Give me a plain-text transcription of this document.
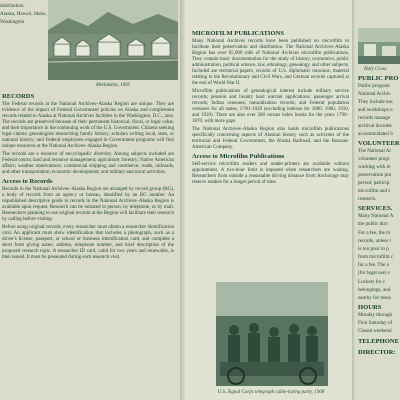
distribution.

Alaska, Hawaii, Idaho,

Washington

Metlakatla, 1895
RECORDS

The Federal records at the National Archives–Alaska Region are unique. They are evidence of the impact of Federal Government policies on Alaska and complement records related to Alaska at National Archives facilities in the Washington, D.C., area. The records are preserved because of their permanent historical, fiscal, or legal value, and their importance in the continuing work of the U.S. Government. Citizens seeking legal claims; genealogists researching family history; scholars writing local, state, or national history; and Federal employees engaged in Government programs will find unique resources at the National Archives–Alaska Region.

The records are a resource of encyclopedic diversity. Among subjects included are Federal courts; land and resource management; agriculture; forestry; Native American affairs; weather observations; commercial shipping and commerce; roads, railroads, and other transportation; economic development; and military and naval activities.

Access to Records

Records in the National Archives–Alaska Region are arranged by record group (RG), a body of records from an agency or bureau, identified by an RG number. An unpublished descriptive guide to records in the National Archives–Alaska Region is available upon request. Research can be initiated in person, by telephone, or by mail. Researchers planning to use original records at the Region will facilitate their research by calling before visiting.

Before using original records, every researcher must obtain a researcher identification card. An applicant must show identification that includes a photograph, such as a driver's license, passport, or school or business identification card, and complete a short form giving name, address, telephone number, and brief description of the proposed research topic. A researcher ID card, valid for two years and renewable, is then issued. It must be presented during each research visit.

MICROFILM PUBLICATIONS

Many National Archives records have been published on microfilm to facilitate their preservation and distribution. The National Archives–Alaska Region has over 65,000 rolls of National Archives microfilm publications. They contain basic documentation for the study of history, economics, public administration, political science, law, ethnology, genealogy, and other subjects. Included are territorial papers, records of U.S. diplomatic missions, material relating to the Revolutionary and Civil Wars, and German records captured at the end of World War II.

Microfilm publications of genealogical interest include military service records; pension and bounty land warrant applications; passenger arrival records; Indian censuses; naturalization records; and Federal population censuses for all states, 1790–1920 (excluding indexes for 1880, 1900, 1910, and 1920). There are also over 300 census index books for the years 1790–1870, with more gaps.

The National Archives–Alaska Region also holds microfilm publications specifically concerning aspects of Alaskan history such as activities of the territorial and Federal Government, the Alaska Railroad, and the Russian-American Company.

Access to Microfilm Publications

Self-service microfilm readers and reader-printers are available without appointment. A two-hour limit is imposed when researchers are waiting. Researchers from outside a reasonable driving distance from Anchorage may reserve readers for a longer period of time.

U.S. Signal Corps telegraph cable-laying party, 1908
Holy Cross
PUBLIC PRO

Public program

National Archiv

They include tou

and workshops o

records manage

archival docume

accommodated S

VOLUNTEER

The National Ar

volunteer progr

working with re

preservation pro

period; particip

microfilm and s

research.

SERVICES.

Many National A

the public thro

For a fee, the m

records, unless t

is too poor to p

from microfilm c

for a fee. The a

(for legal use) c

Lockers for c

belongings, and

nearby for resea

HOURS

Monday through

First Saturday of

Closed weekend

TELEPHONE
DIRECTOR:
